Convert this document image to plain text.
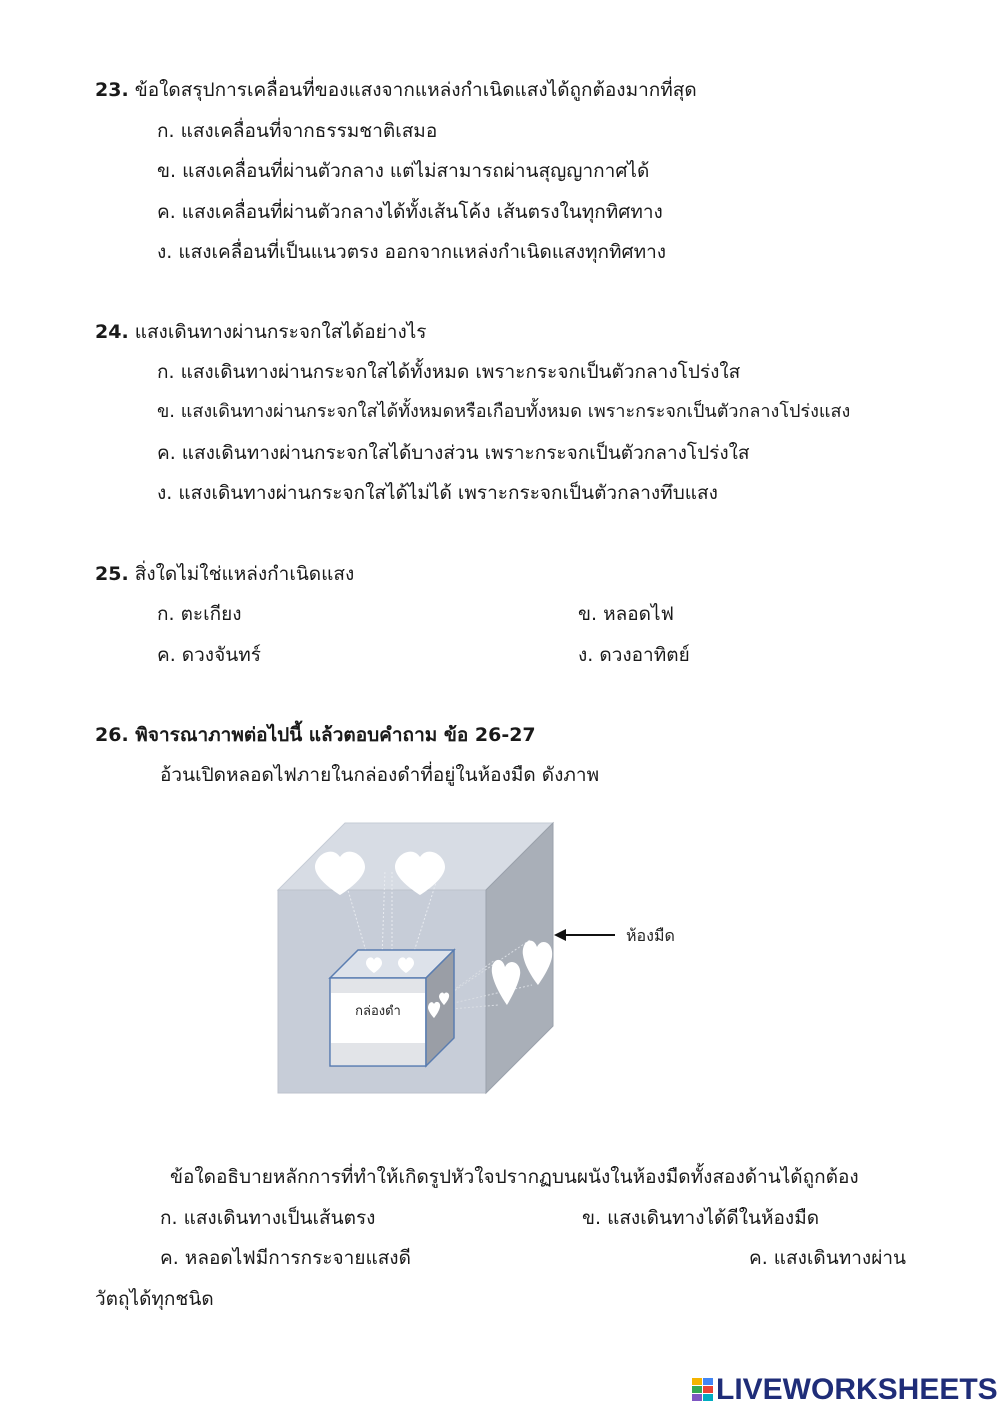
23. ข้อใดสรุปการเคลื่อนที่ของแสงจากแหล่งกำเนิดแสงได้ถูกต้องมากที่สุด
ก. แสงเคลื่อนที่จากธรรมชาติเสมอ
ข. แสงเคลื่อนที่ผ่านตัวกลาง แต่ไม่สามารถผ่านสุญญากาศได้
ค. แสงเคลื่อนที่ผ่านตัวกลางได้ทั้งเส้นโค้ง เส้นตรงในทุกทิศทาง
ง. แสงเคลื่อนที่เป็นแนวตรง ออกจากแหล่งกำเนิดแสงทุกทิศทาง
24. แสงเดินทางผ่านกระจกใสได้อย่างไร
ก. แสงเดินทางผ่านกระจกใสได้ทั้งหมด เพราะกระจกเป็นตัวกลางโปร่งใส
ข. แสงเดินทางผ่านกระจกใสได้ทั้งหมดหรือเกือบทั้งหมด เพราะกระจกเป็นตัวกลางโปร่งแสง
ค. แสงเดินทางผ่านกระจกใสได้บางส่วน เพราะกระจกเป็นตัวกลางโปร่งใส
ง. แสงเดินทางผ่านกระจกใสได้ไม่ได้ เพราะกระจกเป็นตัวกลางทึบแสง
25. สิ่งใดไม่ใช่แหล่งกำเนิดแสง
ก. ตะเกียง	ข. หลอดไฟ
ค. ดวงจันทร์	ง. ดวงอาทิตย์
26. พิจารณาภาพต่อไปนี้ แล้วตอบคำถาม ข้อ 26-27
อ้วนเปิดหลอดไฟภายในกล่องดำที่อยู่ในห้องมืด ดังภาพ
กล่องดำ
ห้องมืด
ข้อใดอธิบายหลักการที่ทำให้เกิดรูปหัวใจปรากฏบนผนังในห้องมืดทั้งสองด้านได้ถูกต้อง
ก. แสงเดินทางเป็นเส้นตรง	ข. แสงเดินทางได้ดีในห้องมืด
ค. หลอดไฟมีการกระจายแสงดี	ค. แสงเดินทางผ่าน
วัตถุได้ทุกชนิด
LIVEWORKSHEETS
